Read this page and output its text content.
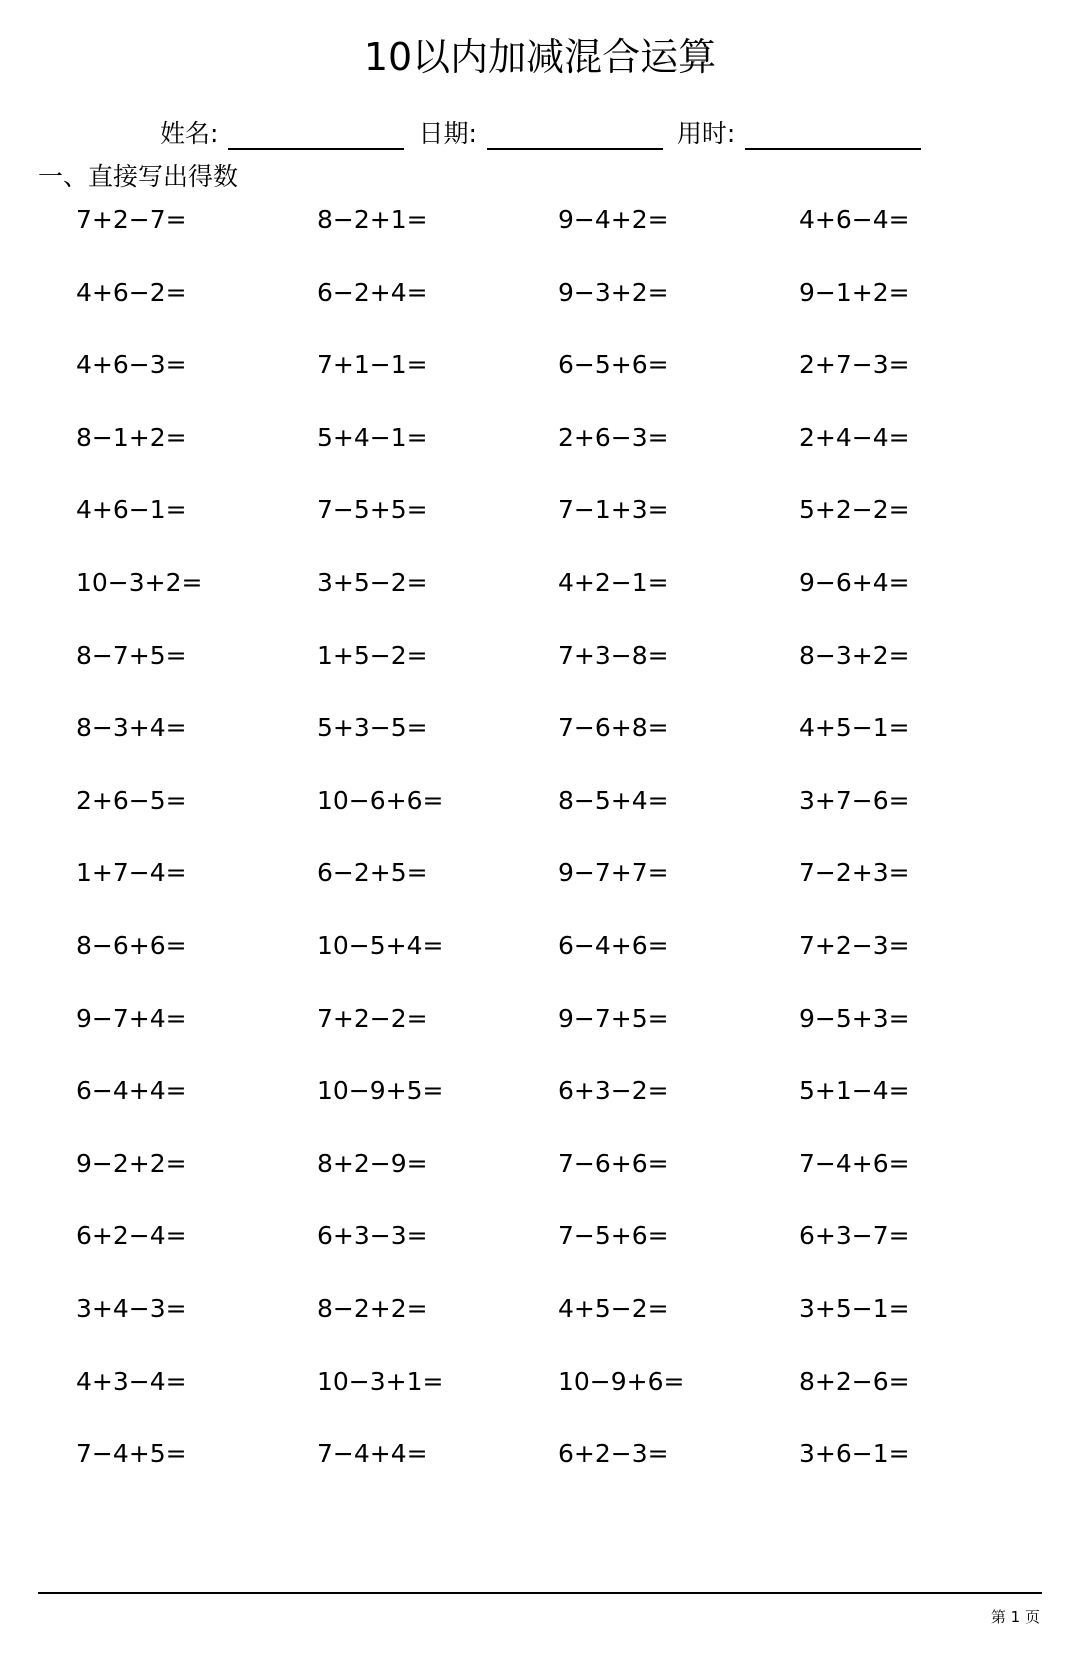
10以内加减混合运算
姓名:	日期:	用时:
一、直接写出得数
7+2−7=	8−2+1=	9−4+2=	4+6−4=
4+6−2=	6−2+4=	9−3+2=	9−1+2=
4+6−3=	7+1−1=	6−5+6=	2+7−3=
8−1+2=	5+4−1=	2+6−3=	2+4−4=
4+6−1=	7−5+5=	7−1+3=	5+2−2=
10−3+2=	3+5−2=	4+2−1=	9−6+4=
8−7+5=	1+5−2=	7+3−8=	8−3+2=
8−3+4=	5+3−5=	7−6+8=	4+5−1=
2+6−5=	10−6+6=	8−5+4=	3+7−6=
1+7−4=	6−2+5=	9−7+7=	7−2+3=
8−6+6=	10−5+4=	6−4+6=	7+2−3=
9−7+4=	7+2−2=	9−7+5=	9−5+3=
6−4+4=	10−9+5=	6+3−2=	5+1−4=
9−2+2=	8+2−9=	7−6+6=	7−4+6=
6+2−4=	6+3−3=	7−5+6=	6+3−7=
3+4−3=	8−2+2=	4+5−2=	3+5−1=
4+3−4=	10−3+1=	10−9+6=	8+2−6=
7−4+5=	7−4+4=	6+2−3=	3+6−1=
第 1 页
